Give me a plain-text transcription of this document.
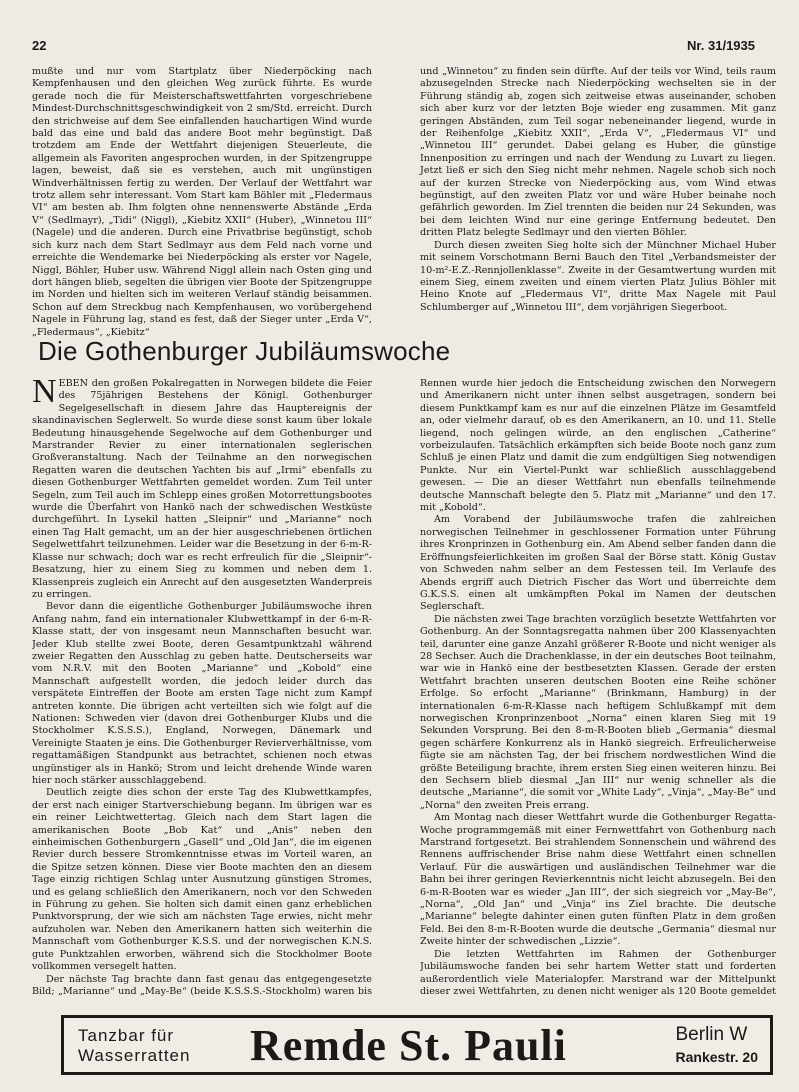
22	Nr. 31/1935

mußte und nur vom Startplatz über Niederpöcking nach Kempfenhausen und den gleichen Weg zurück führte. Es wurde gerade noch die für Meisterschaftswettfahrten vorgeschriebene Mindest-Durchschnittsgeschwindigkeit von 2 sm/Std. erreicht. Durch den strichweise auf dem See einfallenden hauchartigen Wind wurde bald das eine und bald das andere Boot mehr begünstigt. Daß trotzdem am Ende der Wettfahrt diejenigen Steuerleute, die allgemein als Favoriten angesprochen wurden, in der Spitzengruppe lagen, beweist, daß sie es verstehen, auch mit ungünstigen Windverhältnissen fertig zu werden. Der Verlauf der Wettfahrt war trotz allem sehr interessant. Vom Start kam Böhler mit „Fledermaus VI“ am besten ab. Ihm folgten ohne nennenswerte Abstände „Erda V“ (Sedlmayr), „Tidi“ (Niggl), „Kiebitz XXII“ (Huber), „Winnetou III“ (Nagele) und die anderen. Durch eine Privatbrise begünstigt, schob sich kurz nach dem Start Sedlmayr aus dem Feld nach vorne und erreichte die Wendemarke bei Niederpöcking als erster vor Nagele, Niggl, Böhler, Huber usw. Während Niggl allein nach Osten ging und dort hängen blieb, segelten die übrigen vier Boote der Spitzengruppe im Norden und hielten sich im weiteren Verlauf ständig beisammen. Schon auf dem Streckbug nach Kempfenhausen, wo vorübergehend Nagele in Führung lag, stand es fest, daß der Sieger unter „Erda V“, „Fledermaus“, „Kiebitz“

und „Winnetou“ zu finden sein dürfte. Auf der teils vor Wind, teils raum abzusegelnden Strecke nach Niederpöcking wechselten sie in der Führung ständig ab, zogen sich zeitweise etwas auseinander, schoben sich aber kurz vor der letzten Boje wieder eng zusammen. Mit ganz geringen Abständen, zum Teil sogar nebeneinander liegend, wurde in der Reihenfolge „Kiebitz XXII“, „Erda V“, „Fledermaus VI“ und „Winnetou III“ gerundet. Dabei gelang es Huber, die günstige Innenposition zu erringen und nach der Wendung zu Luvart zu liegen. Jetzt ließ er sich den Sieg nicht mehr nehmen. Nagele schob sich noch auf der kurzen Strecke von Niederpöcking aus, vom Wind etwas begünstigt, auf den zweiten Platz vor und wäre Huber beinahe noch gefährlich geworden. Im Ziel trennten die beiden nur 24 Sekunden, was bei dem leichten Wind nur eine geringe Entfernung bedeutet. Den dritten Platz belegte Sedlmayr und den vierten Böhler.

Durch diesen zweiten Sieg holte sich der Münchner Michael Huber mit seinem Vorschotmann Berni Bauch den Titel „Verbandsmeister der 10-m²-E.Z.-Rennjollenklasse“. Zweite in der Gesamtwertung wurden mit einem Sieg, einem zweiten und einem vierten Platz Julius Böhler mit Heino Knote auf „Fledermaus VI“, dritte Max Nagele mit Paul Schlumberger auf „Winnetou III“, dem vorjährigen Siegerboot.

Die Gothenburger Jubiläumswoche

NEBEN den großen Pokalregatten in Norwegen bildete die Feier des 75jährigen Bestehens der Königl. Gothenburger Segelgesellschaft in diesem Jahre das Hauptereignis der skandinavischen Seglerwelt. So wurde diese sonst kaum über lokale Bedeutung hinausgehende Segelwoche auf dem Gothenburger und Marstrander Revier zu einer internationalen seglerischen Großveranstaltung. Nach der Teilnahme an den norwegischen Regatten waren die deutschen Yachten bis auf „Irmi“ ebenfalls zu diesen Gothenburger Wettfahrten gemeldet worden. Zum Teil unter Segeln, zum Teil auch im Schlepp eines großen Motorrettungsbootes wurde die Überfahrt von Hankö nach der schwedischen Westküste durchgeführt. In Lysekil hatten „Sleipnir“ und „Marianne“ noch einen Tag Halt gemacht, um an der hier ausgeschriebenen örtlichen Segelwettfahrt teilzunehmen. Leider war die Besetzung in der 6-m-R-Klasse nur schwach; doch war es recht erfreulich für die „Sleipnir“-Besatzung, hier zu einem Sieg zu kommen und neben dem 1. Klassenpreis zugleich ein Anrecht auf den ausgesetzten Wanderpreis zu erringen.

Bevor dann die eigentliche Gothenburger Jubiläumswoche ihren Anfang nahm, fand ein internationaler Klubwettkampf in der 6-m-R-Klasse statt, der von insgesamt neun Mannschaften besucht war. Jeder Klub stellte zwei Boote, deren Gesamtpunktzahl während zweier Regatten den Ausschlag zu geben hatte. Deutscherseits war vom N.R.V. mit den Booten „Marianne“ und „Kobold“ eine Mannschaft aufgestellt worden, die jedoch leider durch das verspätete Eintreffen der Boote am ersten Tage nicht zum Kampf antreten konnte. Die übrigen acht verteilten sich wie folgt auf die Nationen: Schweden vier (davon drei Gothenburger Klubs und die Stockholmer K.S.S.S.), England, Norwegen, Dänemark und Vereinigte Staaten je eins. Die Gothenburger Revierverhältnisse, vom regattamäßigen Standpunkt aus betrachtet, schienen noch etwas ungünstiger als in Hankö; Strom und leicht drehende Winde waren hier noch stärker ausschlaggebend.

Deutlich zeigte dies schon der erste Tag des Klubwettkampfes, der erst nach einiger Startverschiebung begann. Im übrigen war es ein reiner Leichtwettertag. Gleich nach dem Start lagen die amerikanischen Boote „Bob Kat“ und „Anis“ neben den einheimischen Gothenburgern „Gasell“ und „Old Jan“, die im eigenen Revier durch bessere Stromkenntnisse etwas im Vorteil waren, an die Spitze setzen können. Diese vier Boote machten den an diesem Tage einzig richtigen Schlag unter Ausnutzung günstigen Stromes, und es gelang schließlich den Amerikanern, noch vor den Schweden in Führung zu gehen. Sie holten sich damit einen ganz erheblichen Punktvorsprung, der wie sich am nächsten Tage erwies, nicht mehr aufzuholen war. Neben den Amerikanern hatten sich weiterhin die Mannschaft vom Gothenburger K.S.S. und der norwegischen K.N.S. gute Punktzahlen erworben, während sich die Stockholmer Boote vollkommen versegelt hatten.

Der nächste Tag brachte dann fast genau das entgegengesetzte Bild; „Marianne“ und „May-Be“ (beide K.S.S.S.-Stockholm) waren bis

Rennen wurde hier jedoch die Entscheidung zwischen den Norwegern und Amerikanern nicht unter ihnen selbst ausgetragen, sondern bei diesem Punktkampf kam es nur auf die einzelnen Plätze im Gesamtfeld an, oder vielmehr darauf, ob es den Amerikanern, an 10. und 11. Stelle liegend, noch gelingen würde, an den englischen „Catherine“ vorbeizulaufen. Tatsächlich erkämpften sich beide Boote noch ganz zum Schluß je einen Platz und damit die zum endgültigen Sieg notwendigen Punkte. Nur ein Viertel-Punkt war schließlich ausschlaggebend gewesen. — Die an dieser Wettfahrt nun ebenfalls teilnehmende deutsche Mannschaft belegte den 5. Platz mit „Marianne“ und den 17. mit „Kobold“.

Am Vorabend der Jubiläumswoche trafen die zahlreichen norwegischen Teilnehmer in geschlossener Formation unter Führung ihres Kronprinzen in Gothenburg ein. Am Abend selber fanden dann die Eröffnungsfeierlichkeiten im großen Saal der Börse statt. König Gustav von Schweden nahm selber an dem Festessen teil. Im Verlaufe des Abends ergriff auch Dietrich Fischer das Wort und überreichte dem G.K.S.S. einen alt umkämpften Pokal im Namen der deutschen Seglerschaft.

Die nächsten zwei Tage brachten vorzüglich besetzte Wettfahrten vor Gothenburg. An der Sonntagsregatta nahmen über 200 Klassenyachten teil, darunter eine ganze Anzahl größerer R-Boote und nicht weniger als 28 Sechser. Auch die Drachenklasse, in der ein deutsches Boot teilnahm, war wie in Hankö eine der bestbesetzten Klassen. Gerade der ersten Wettfahrt brachten unseren deutschen Booten eine Reihe schöner Erfolge. So erfocht „Marianne“ (Brinkmann, Hamburg) in der internationalen 6-m-R-Klasse nach heftigem Schlußkampf mit dem norwegischen Kronprinzenboot „Norna“ einen klaren Sieg mit 19 Sekunden Vorsprung. Bei den 8-m-R-Booten blieb „Germania“ diesmal gegen schärfere Konkurrenz als in Hankö siegreich. Erfreulicherweise fügte sie am nächsten Tag, der bei frischem nordwestlichen Wind die größte Beteiligung brachte, ihrem ersten Sieg einen weiteren hinzu. Bei den Sechsern blieb diesmal „Jan III“ nur wenig schneller als die deutsche „Marianne“, die somit vor „White Lady“, „Vinja“, „May-Be“ und „Norna“ den zweiten Preis errang.

Am Montag nach dieser Wettfahrt wurde die Gothenburger Regatta-Woche programmgemäß mit einer Fernwettfahrt von Gothenburg nach Marstrand fortgesetzt. Bei strahlendem Sonnenschein und während des Rennens auffrischender Brise nahm diese Wettfahrt einen schnellen Verlauf. Für die auswärtigen und ausländischen Teilnehmer war die Bahn bei ihrer geringen Revierkenntnis nicht leicht abzusegeln. Bei den 6-m-R-Booten war es wieder „Jan III“, der sich siegreich vor „May-Be“, „Norna“, „Old Jan“ und „Vinja“ ins Ziel brachte. Die deutsche „Marianne“ belegte dahinter einen guten fünften Platz in dem großen Feld. Bei den 8-m-R-Booten wurde die deutsche „Germania“ diesmal nur Zweite hinter der schwedischen „Lizzie“.

Die letzten Wettfahrten im Rahmen der Gothenburger Jubiläumswoche fanden bei sehr hartem Wetter statt und forderten außerordentlich viele Materialopfer. Marstrand war der Mittelpunkt dieser zwei Wettfahrten, zu denen nicht weniger als 120 Boote gemeldet

Tanzbar für
Wasserratten Remde St. Pauli	Berlin W
Rankestr. 20
